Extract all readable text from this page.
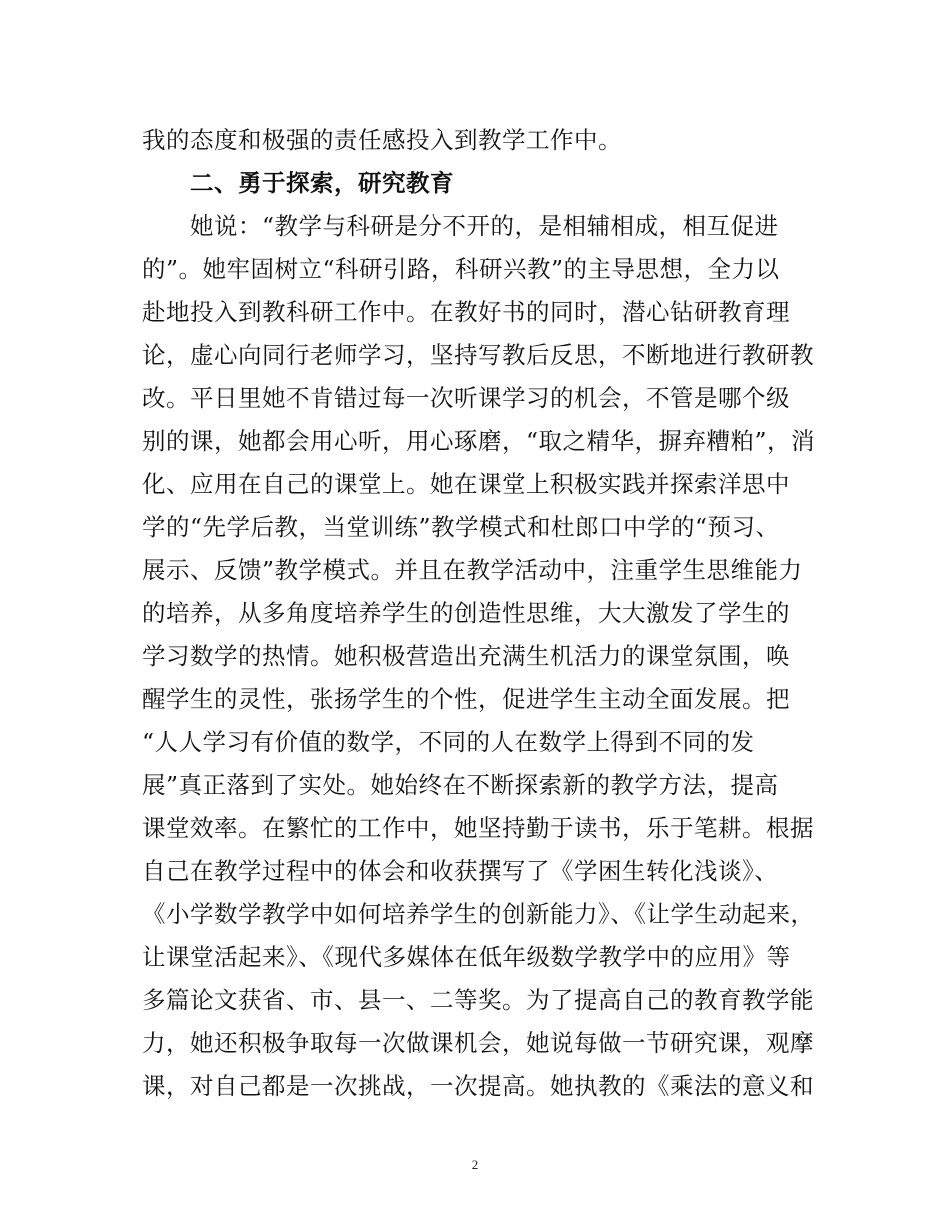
我的态度和极强的责任感投入到教学工作中。
二、勇于探索，研究教育
她说：“教学与科研是分不开的，是相辅相成，相互促进
的”。她牢固树立“科研引路，科研兴教”的主导思想，全力以
赴地投入到教科研工作中。在教好书的同时，潜心钻研教育理
论，虚心向同行老师学习，坚持写教后反思，不断地进行教研教
改。平日里她不肯错过每一次听课学习的机会，不管是哪个级
别的课，她都会用心听，用心琢磨，“取之精华，摒弃糟粕”，消
化、应用在自己的课堂上。她在课堂上积极实践并探索洋思中
学的“先学后教，当堂训练”教学模式和杜郎口中学的“预习、
展示、反馈”教学模式。并且在教学活动中，注重学生思维能力
的培养，从多角度培养学生的创造性思维，大大激发了学生的
学习数学的热情。她积极营造出充满生机活力的课堂氛围，唤
醒学生的灵性，张扬学生的个性，促进学生主动全面发展。把
“人人学习有价值的数学，不同的人在数学上得到不同的发
展”真正落到了实处。她始终在不断探索新的教学方法，提高
课堂效率。在繁忙的工作中，她坚持勤于读书，乐于笔耕。根据
自己在教学过程中的体会和收获撰写了《学困生转化浅谈》、
《小学数学教学中如何培养学生的创新能力》、《让学生动起来，
让课堂活起来》、《现代多媒体在低年级数学教学中的应用》等
多篇论文获省、市、县一、二等奖。为了提高自己的教育教学能
力，她还积极争取每一次做课机会，她说每做一节研究课，观摩
课，对自己都是一次挑战，一次提高。她执教的《乘法的意义和
2
